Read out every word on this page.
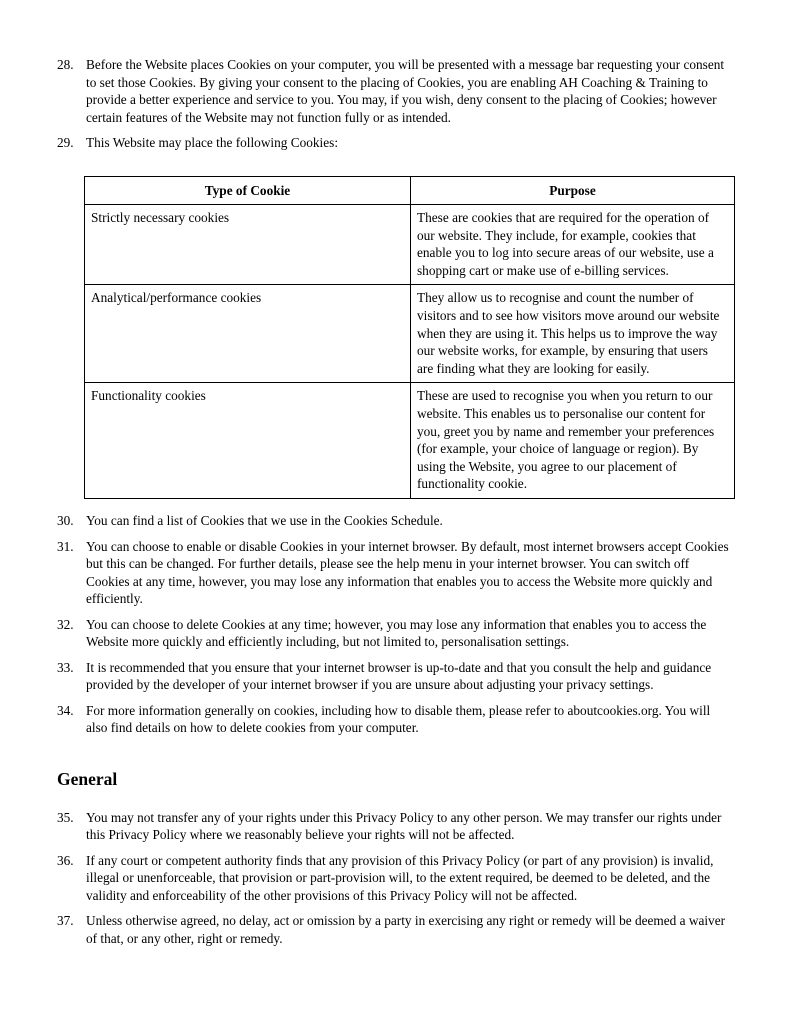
28. Before the Website places Cookies on your computer, you will be presented with a message bar requesting your consent to set those Cookies. By giving your consent to the placing of Cookies, you are enabling AH Coaching & Training to provide a better experience and service to you. You may, if you wish, deny consent to the placing of Cookies; however certain features of the Website may not function fully or as intended.
29. This Website may place the following Cookies:
Type of Cookie	Purpose
Strictly necessary cookies	These are cookies that are required for the operation of our website. They include, for example, cookies that enable you to log into secure areas of our website, use a shopping cart or make use of e-billing services.
Analytical/performance cookies	They allow us to recognise and count the number of visitors and to see how visitors move around our website when they are using it. This helps us to improve the way our website works, for example, by ensuring that users are finding what they are looking for easily.
Functionality cookies	These are used to recognise you when you return to our website. This enables us to personalise our content for you, greet you by name and remember your preferences (for example, your choice of language or region). By using the Website, you agree to our placement of functionality cookie.
30. You can find a list of Cookies that we use in the Cookies Schedule.
31. You can choose to enable or disable Cookies in your internet browser. By default, most internet browsers accept Cookies but this can be changed. For further details, please see the help menu in your internet browser. You can switch off Cookies at any time, however, you may lose any information that enables you to access the Website more quickly and efficiently.
32. You can choose to delete Cookies at any time; however, you may lose any information that enables you to access the Website more quickly and efficiently including, but not limited to, personalisation settings.
33. It is recommended that you ensure that your internet browser is up-to-date and that you consult the help and guidance provided by the developer of your internet browser if you are unsure about adjusting your privacy settings.
34. For more information generally on cookies, including how to disable them, please refer to aboutcookies.org. You will also find details on how to delete cookies from your computer.
General
35. You may not transfer any of your rights under this Privacy Policy to any other person. We may transfer our rights under this Privacy Policy where we reasonably believe your rights will not be affected.
36. If any court or competent authority finds that any provision of this Privacy Policy (or part of any provision) is invalid, illegal or unenforceable, that provision or part-provision will, to the extent required, be deemed to be deleted, and the validity and enforceability of the other provisions of this Privacy Policy will not be affected.
37. Unless otherwise agreed, no delay, act or omission by a party in exercising any right or remedy will be deemed a waiver of that, or any other, right or remedy.
